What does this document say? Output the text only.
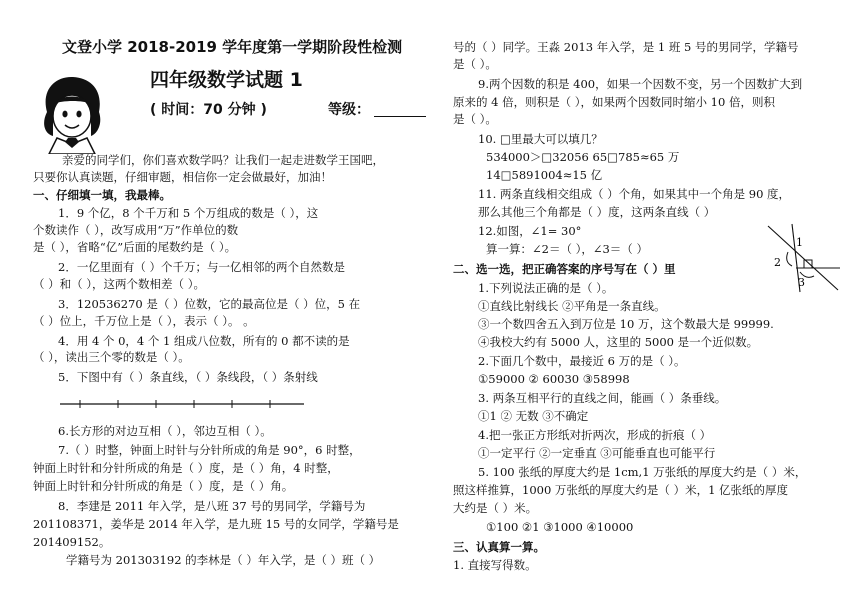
文登小学 2018-2019 学年度第一学期阶段性检测
四年级数学试题 1
( 时间：70 分钟 )	等级：
亲爱的同学们，你们喜欢数学吗？让我们一起走进数学王国吧，
只要你认真读题，仔细审题，相信你一定会做最好，加油！
一、仔细填一填，我最棒。
1．9 个亿，8 个千万和 5 个万组成的数是（ ），这
个数读作（ ），改写成用“万”作单位的数
是（ ），省略“亿”后面的尾数约是（ ）。
2．一亿里面有（ ）个千万；与一亿相邻的两个自然数是
（ ）和（ ），这两个数相差（ ）。
3．120536270 是（ ）位数，它的最高位是（ ）位，5 在
（ ）位上，千万位上是（ ），表示（ ）。 。
4．用 4 个 0，4 个 1 组成八位数，所有的 0 都不读的是
（ ），读出三个零的数是（ ）。
5．下图中有（ ）条直线，（ ）条线段，（ ）条射线
6.长方形的对边互相（ ），邻边互相（ ）。
7.（ ）时整，钟面上时针与分针所成的角是 90°，6 时整，
钟面上时针和分针所成的角是（ ）度，是（ ）角，4 时整，
钟面上时针和分针所成的角是（ ）度，是（ ）角。
8．李建是 2011 年入学，是八班 37 号的男同学，学籍号为
201108371，姜华是 2014 年入学，是九班 15 号的女同学，学籍号是
201409152。
学籍号为 201303192 的李林是（ ）年入学，是（ ）班（ ）
号的（ ）同学。王淼 2013 年入学，是 1 班 5 号的男同学，学籍号
是（ ）。
9.两个因数的积是 400，如果一个因数不变，另一个因数扩大到
原来的 4 倍，则积是（ ），如果两个因数同时缩小 10 倍，则积
是（ ）。
10. □里最大可以填几？
534000＞□32056 65□785≈65 万
14□5891004≈15 亿
11. 两条直线相交组成（ ）个角，如果其中一个角是 90 度，
那么其他三个角都是（ ）度，这两条直线（ ）
12.如图，∠1= 30°
算一算：∠2＝（ ），∠3＝（ ）	1
2
3
二、选一选，把正确答案的序号写在（ ）里
1.下列说法正确的是（ ）。
①直线比射线长 ②平角是一条直线。
③一个数四舍五入到万位是 10 万，这个数最大是 99999.
④我校大约有 5000 人，这里的 5000 是一个近似数。
2.下面几个数中，最接近 6 万的是（ ）。
①59000 ② 60030 ③58998
3. 两条互相平行的直线之间，能画（ ）条垂线。
①1 ② 无数 ③不确定
4.把一张正方形纸对折两次，形成的折痕（ ）
①一定平行 ②一定垂直 ③可能垂直也可能平行
5. 100 张纸的厚度大约是 1cm,1 万张纸的厚度大约是（ ）米，
照这样推算，1000 万张纸的厚度大约是（ ）米，1 亿张纸的厚度
大约是（ ）米。
①100 ②1 ③1000 ④10000
三、认真算一算。
1. 直接写得数。
